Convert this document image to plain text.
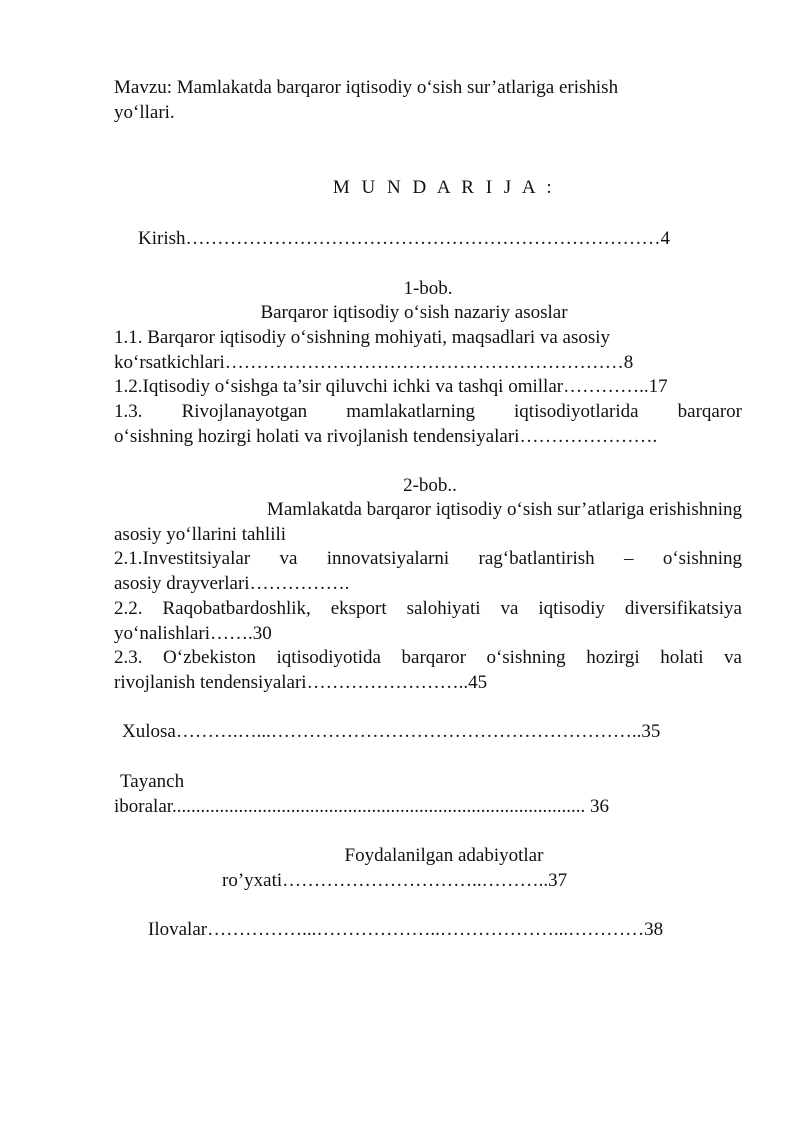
Mavzu: Mamlakatda barqaror iqtisodiy o‘sish sur’atlariga erishish
yo‘llari.
M U N D A R I J A :
Kirish…………………………………………………………………4
1-bob.
Barqaror iqtisodiy o‘sish nazariy asoslar
1.1. Barqaror iqtisodiy o‘sishning mohiyati, maqsadlari va asosiy
ko‘rsatkichlari………………………………………………………8
1.2.Iqtisodiy o‘sishga ta’sir qiluvchi ichki va tashqi omillar…………..17
1.3. Rivojlanayotgan mamlakatlarning iqtisodiyotlarida barqaror
o‘sishning hozirgi holati va rivojlanish tendensiyalari………………….
2-bob..
Mamlakatda barqaror iqtisodiy o‘sish sur’atlariga erishishning
asosiy yo‘llarini tahlili
2.1.Investitsiyalar va innovatsiyalarni rag‘batlantirish – o‘sishning
asosiy drayverlari…………….
2.2. Raqobatbardoshlik, eksport salohiyati va iqtisodiy diversifikatsiya
yo‘nalishlari…….30
2.3. O‘zbekiston iqtisodiyotida barqaror o‘sishning hozirgi holati va
rivojlanish tendensiyalari……………………..45
Xulosa……….…...…………………………………………………..35
Tayanch
iboralar....................................................................................... 36
Foydalanilgan adabiyotlar
ro’yxati…………………………..………..37
Ilovalar……………...………………..………………...…………38
